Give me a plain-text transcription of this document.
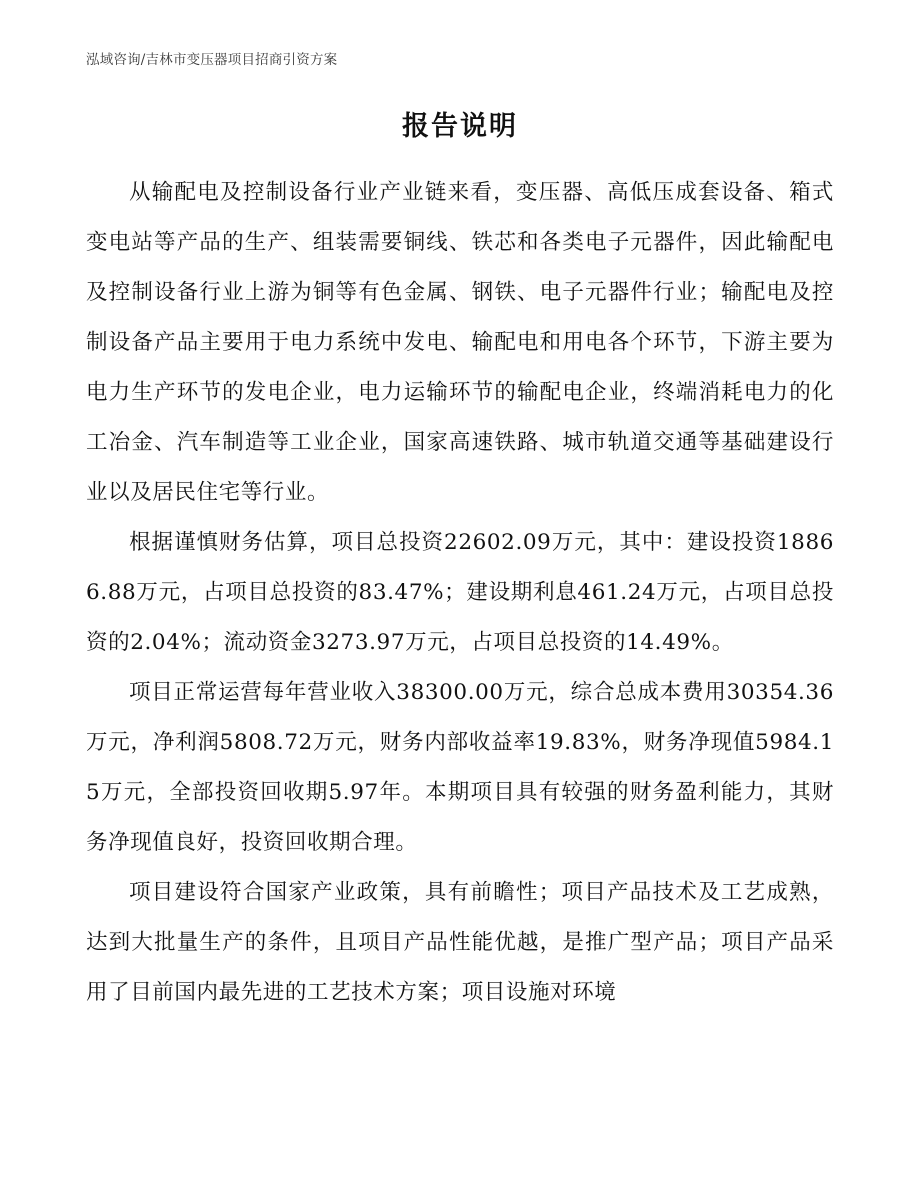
泓域咨询/吉林市变压器项目招商引资方案
报告说明

从输配电及控制设备行业产业链来看，变压器、高低压成套设备、箱式变电站等产品的生产、组装需要铜线、铁芯和各类电子元器件，因此输配电及控制设备行业上游为铜等有色金属、钢铁、电子元器件行业；输配电及控制设备产品主要用于电力系统中发电、输配电和用电各个环节，下游主要为电力生产环节的发电企业，电力运输环节的输配电企业，终端消耗电力的化工冶金、汽车制造等工业企业，国家高速铁路、城市轨道交通等基础建设行业以及居民住宅等行业。

根据谨慎财务估算，项目总投资22602.09万元，其中：建设投资18866.88万元，占项目总投资的83.47%；建设期利息461.24万元，占项目总投资的2.04%；流动资金3273.97万元，占项目总投资的14.49%。

项目正常运营每年营业收入38300.00万元，综合总成本费用30354.36万元，净利润5808.72万元，财务内部收益率19.83%，财务净现值5984.15万元，全部投资回收期5.97年。本期项目具有较强的财务盈利能力，其财务净现值良好，投资回收期合理。

项目建设符合国家产业政策，具有前瞻性；项目产品技术及工艺成熟，达到大批量生产的条件，且项目产品性能优越，是推广型产品；项目产品采用了目前国内最先进的工艺技术方案；项目设施对环境
